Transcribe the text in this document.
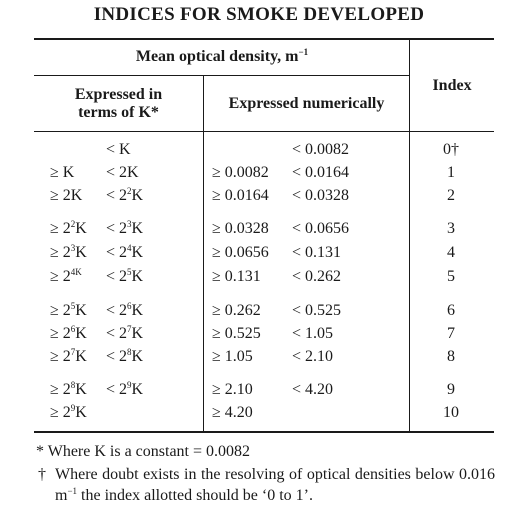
INDICES FOR SMOKE DEVELOPED
Mean optical density, $m^{-1}$
Expressed in
terms of K*
Expressed numerically
Index
< K	< 0.0082	0†
≥ K < 2K	≥ 0.0082 < 0.0164	1
≥ $2K < 2^2K$	≥ 0.0164 < 0.0328	2
≥ $2^2K < 2^3K$	≥ 0.0328 < 0.0656	3
≥ $2^3K < 2^4K$	≥ 0.0656 < 0.131	4
≥ $2^{4K} < 2^5K$	≥ 0.131 < 0.262	5
≥ $2^5K < 2^6K$	≥ 0.262 < 0.525	6
≥ $2^6K < 2^7K$	≥ 0.525 < 1.05	7
≥ $2^7K < 2^8K$	≥ 1.05 < 2.10	8
≥ $2^8K < 2^9K$	≥ 2.10 < 4.20	9
≥ $2^9K$	≥ 4.20	10
* Where K is a constant = 0.0082
† Where doubt exists in the resolving of optical densities below 0.016 $m^{-1}$ the index allotted should be ‘0 to 1’.
